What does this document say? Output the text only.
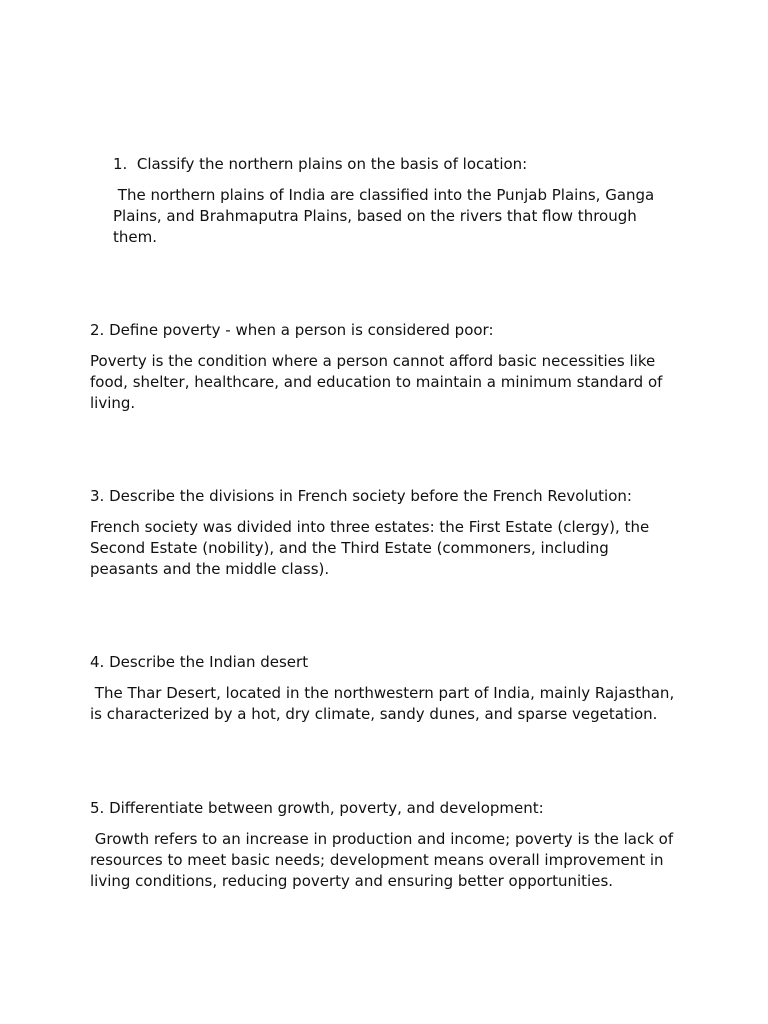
1.  Classify the northern plains on the basis of location:

The northern plains of India are classified into the Punjab Plains, Ganga
Plains, and Brahmaputra Plains, based on the rivers that flow through
them.

2. Define poverty - when a person is considered poor:

Poverty is the condition where a person cannot afford basic necessities like
food, shelter, healthcare, and education to maintain a minimum standard of
living.

3. Describe the divisions in French society before the French Revolution:

French society was divided into three estates: the First Estate (clergy), the
Second Estate (nobility), and the Third Estate (commoners, including
peasants and the middle class).

4. Describe the Indian desert

The Thar Desert, located in the northwestern part of India, mainly Rajasthan,
is characterized by a hot, dry climate, sandy dunes, and sparse vegetation.

5. Differentiate between growth, poverty, and development:

Growth refers to an increase in production and income; poverty is the lack of
resources to meet basic needs; development means overall improvement in
living conditions, reducing poverty and ensuring better opportunities.
